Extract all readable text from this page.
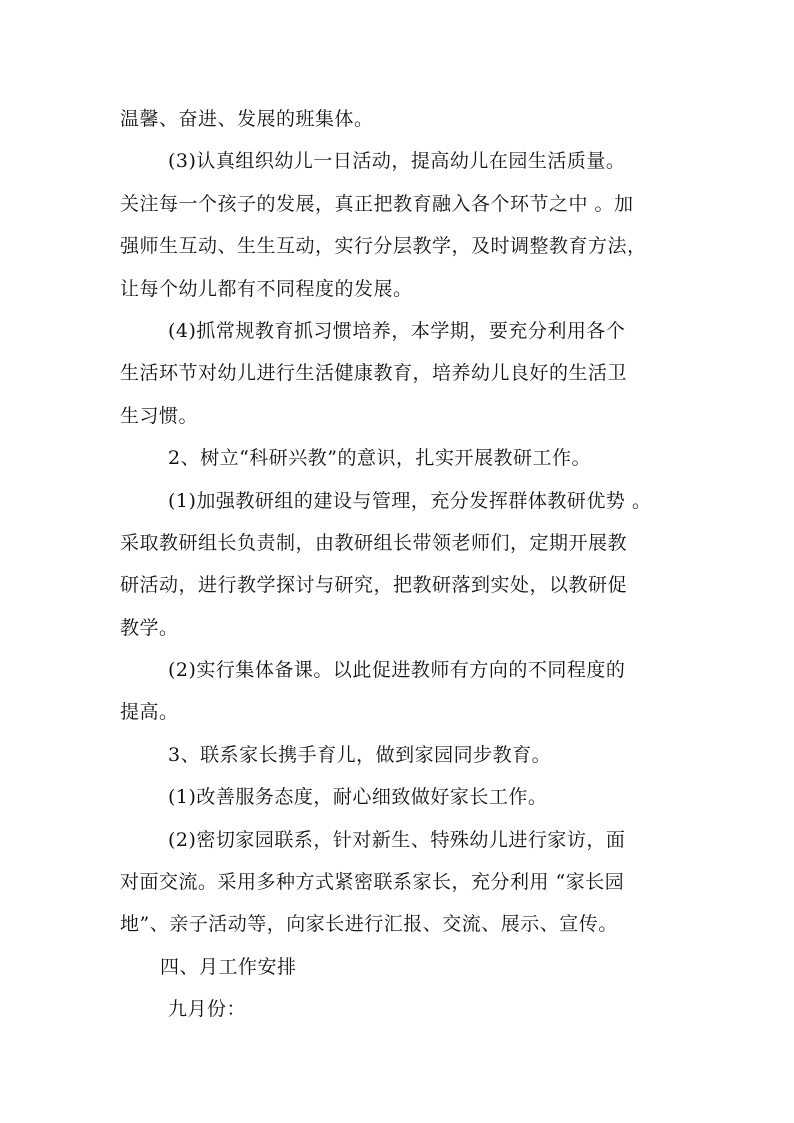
温馨、奋进、发展的班集体。
(3)认真组织幼儿一日活动，提高幼儿在园生活质量。
关注每一个孩子的发展，真正把教育融入各个环节之中 。加
强师生互动、生生互动，实行分层教学，及时调整教育方法，
让每个幼儿都有不同程度的发展。
(4)抓常规教育抓习惯培养，本学期，要充分利用各个
生活环节对幼儿进行生活健康教育，培养幼儿良好的生活卫
生习惯。
2、树立“科研兴教”的意识，扎实开展教研工作。
(1)加强教研组的建设与管理，充分发挥群体教研优势 。
采取教研组长负责制，由教研组长带领老师们，定期开展教
研活动，进行教学探讨与研究，把教研落到实处，以教研促
教学。
(2)实行集体备课。以此促进教师有方向的不同程度的
提高。
3、联系家长携手育儿，做到家园同步教育。
(1)改善服务态度，耐心细致做好家长工作。
(2)密切家园联系，针对新生、特殊幼儿进行家访，面
对面交流。采用多种方式紧密联系家长，充分利用 “家长园
地”、亲子活动等，向家长进行汇报、交流、展示、宣传。
四、月工作安排
九月份：
